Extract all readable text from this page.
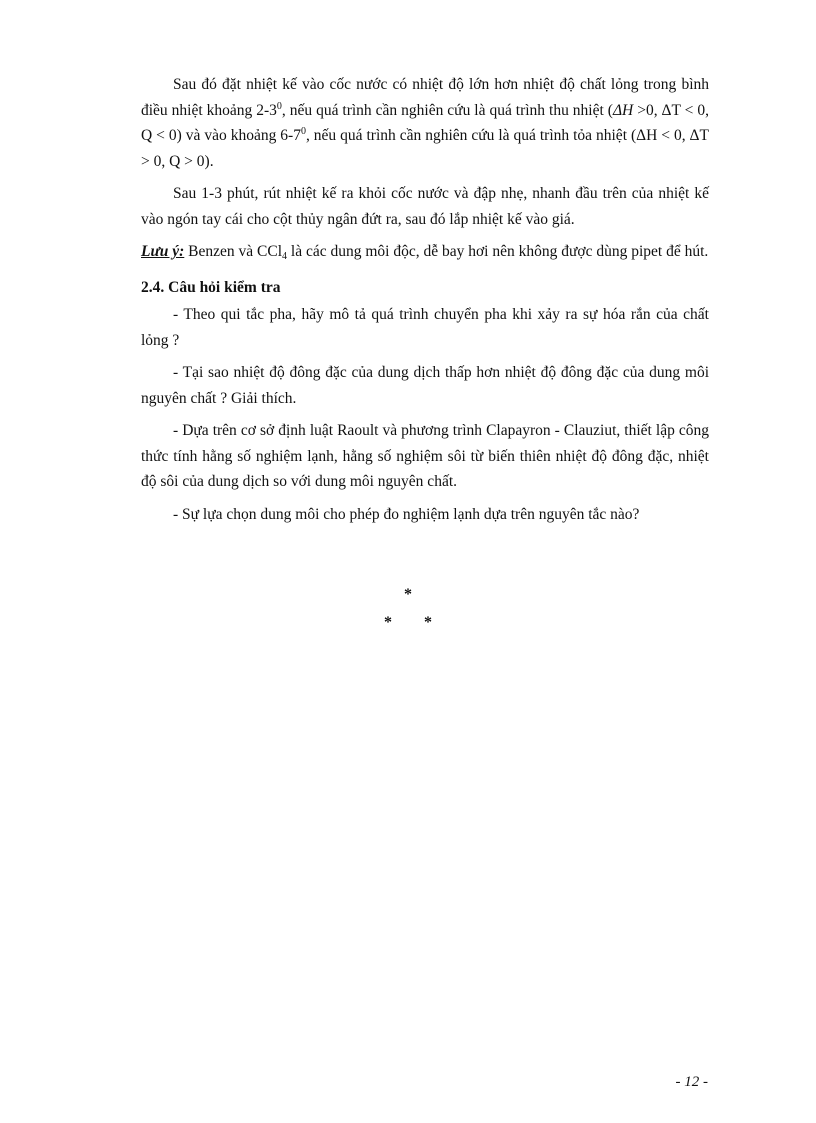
Sau đó đặt nhiệt kế vào cốc nước có nhiệt độ lớn hơn nhiệt độ chất lỏng trong bình điều nhiệt khoảng $2-3^0$, nếu quá trình cần nghiên cứu là quá trình thu nhiệt (ΔH >0, ΔT < 0, Q < 0) và vào khoảng $6-7^0$, nếu quá trình cần nghiên cứu là quá trình tỏa nhiệt (ΔH < 0, ΔT > 0, Q > 0).

Sau 1-3 phút, rút nhiệt kế ra khỏi cốc nước và đập nhẹ, nhanh đầu trên của nhiệt kế vào ngón tay cái cho cột thủy ngân đứt ra, sau đó lắp nhiệt kế vào giá.

Lưu ý: Benzen và CCl$_4$ là các dung môi độc, dễ bay hơi nên không được dùng pipet để hút.

2.4. Câu hỏi kiểm tra

- Theo qui tắc pha, hãy mô tả quá trình chuyển pha khi xảy ra sự hóa rắn của chất lỏng ?

- Tại sao nhiệt độ đông đặc của dung dịch thấp hơn nhiệt độ đông đặc của dung môi nguyên chất ? Giải thích.

- Dựa trên cơ sở định luật Raoult và phương trình Clapayron - Clauziut, thiết lập công thức tính hằng số nghiệm lạnh, hằng số nghiệm sôi từ biến thiên nhiệt độ đông đặc, nhiệt độ sôi của dung dịch so với dung môi nguyên chất.

- Sự lựa chọn dung môi cho phép đo nghiệm lạnh dựa trên nguyên tắc nào?

*
* *
- 12 -
